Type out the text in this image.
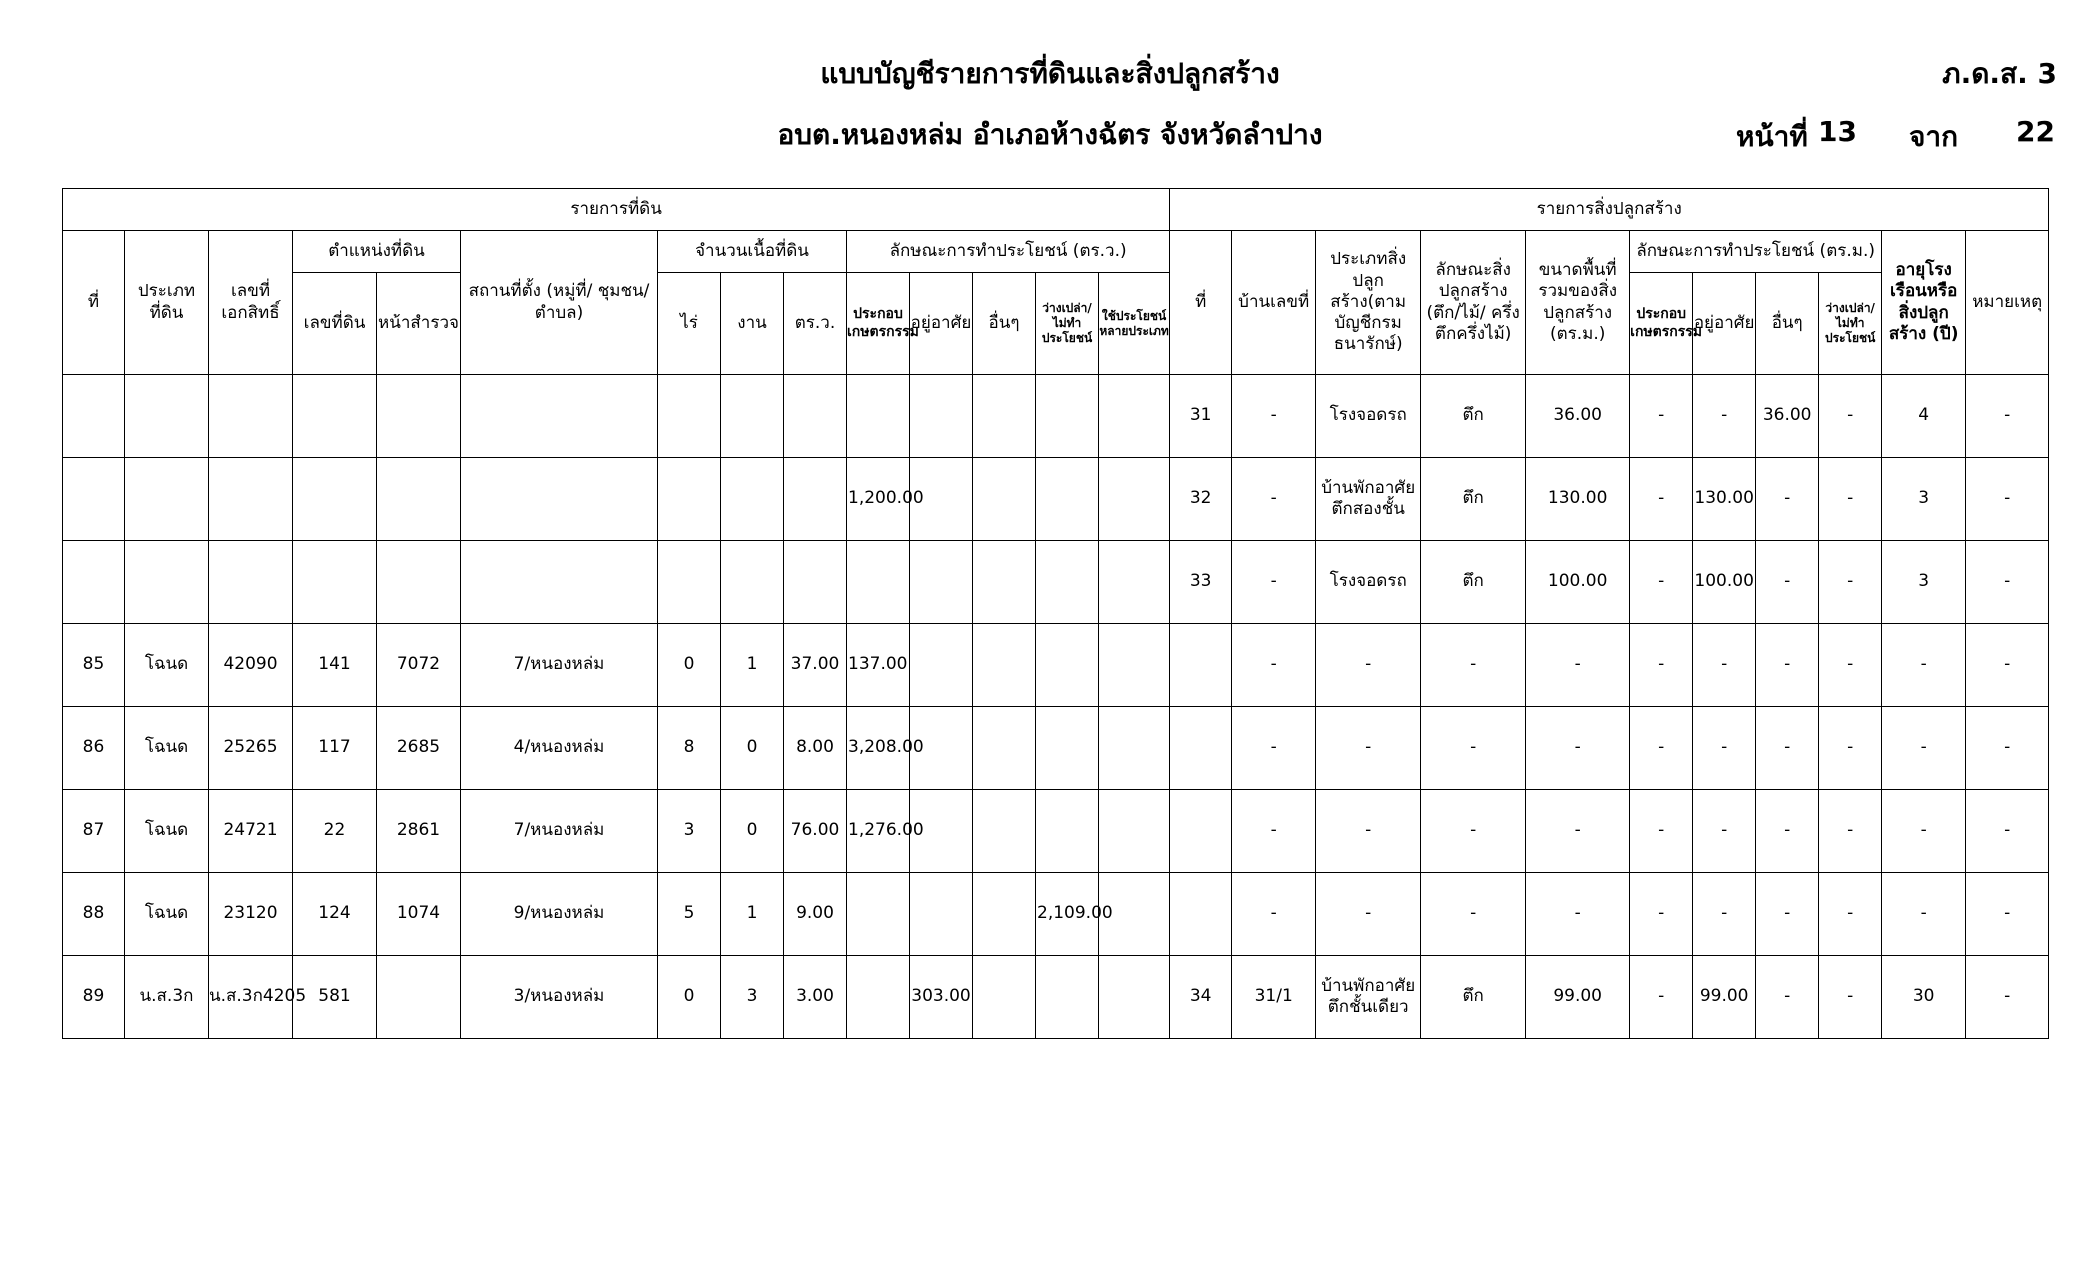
แบบบัญชีรายการที่ดินและสิ่งปลูกสร้าง
อบต.หนองหล่ม อำเภอห้างฉัตร จังหวัดลำปาง
ภ.ด.ส. 3
หน้าที่ 13 จาก 22
รายการที่ดิน														รายการสิ่งปลูกสร้าง										
ที่	ประเภทที่ดิน	เลขที่เอกสิทธิ์	ตำแหน่งที่ดิน		สถานที่ตั้ง (หมู่ที่/ ชุมชน/ ตำบล)	จำนวนเนื้อที่ดิน			ลักษณะการทำประโยชน์ (ตร.ว.)					ที่	บ้านเลขที่	ประเภทสิ่งปลูกสร้าง(ตามบัญชีกรมธนารักษ์)	ลักษณะสิ่งปลูกสร้าง (ตึก/ไม้/ ครึ่งตึกครึ่งไม้)	ขนาดพื้นที่รวมของสิ่งปลูกสร้าง (ตร.ม.)	ลักษณะการทำประโยชน์ (ตร.ม.)				อายุโรงเรือนหรือสิ่งปลูกสร้าง (ปี)	หมายเหตุ
			เลขที่ดิน	หน้าสำรวจ		ไร่	งาน	ตร.ว.	ประกอบเกษตรกรรม	อยู่อาศัย	อื่นๆ	ว่างเปล่า/ไม่ทำประโยชน์	ใช้ประโยชน์หลายประเภท						ประกอบเกษตรกรรม	อยู่อาศัย	อื่นๆ	ว่างเปล่า/ไม่ทำประโยชน์		
														31	-	โรงจอดรถ	ตึก	36.00	-	-	36.00	-	4	-
									1,200.00					32	-	บ้านพักอาศัยตึกสองชั้น	ตึก	130.00	-	130.00	-	-	3	-
														33	-	โรงจอดรถ	ตึก	100.00	-	100.00	-	-	3	-
85	โฉนด	42090	141	7072	7/หนองหล่ม	0	1	37.00	137.00						-	-	-	-	-	-	-	-	-	-
86	โฉนด	25265	117	2685	4/หนองหล่ม	8	0	8.00	3,208.00						-	-	-	-	-	-	-	-	-	-
87	โฉนด	24721	22	2861	7/หนองหล่ม	3	0	76.00	1,276.00						-	-	-	-	-	-	-	-	-	-
88	โฉนด	23120	124	1074	9/หนองหล่ม	5	1	9.00				2,109.00			-	-	-	-	-	-	-	-	-	-
89	น.ส.3ก	น.ส.3ก4205	581		3/หนองหล่ม	0	3	3.00		303.00				34	31/1	บ้านพักอาศัยตึกชั้นเดียว	ตึก	99.00	-	99.00	-	-	30	-
